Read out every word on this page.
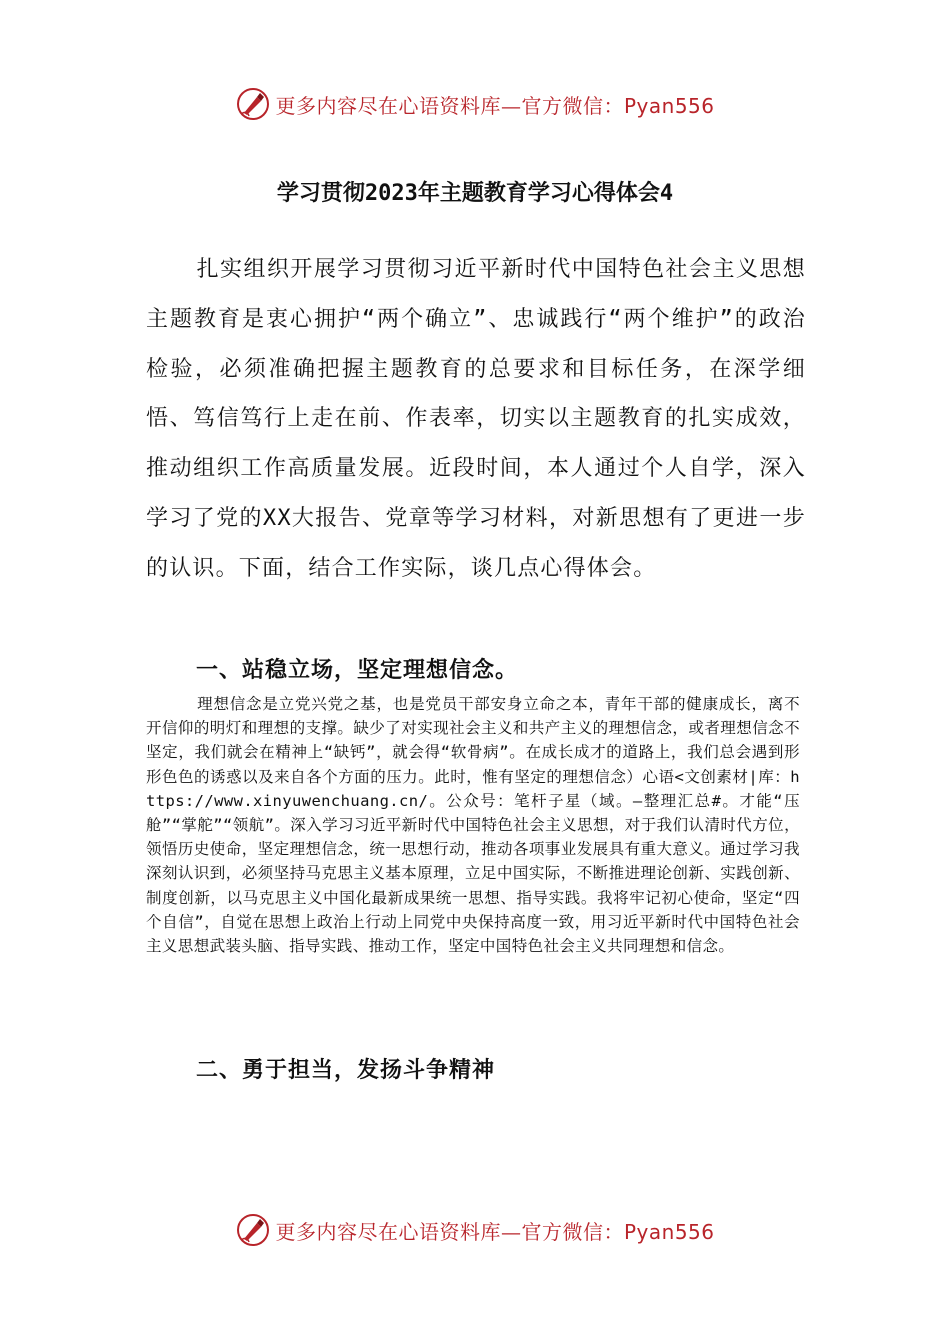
更多内容尽在心语资料库—官方微信：Pyan556
学习贯彻2023年主题教育学习心得体会4

扎实组织开展学习贯彻习近平新时代中国特色社会主义思想主题教育是衷心拥护“两个确立”、忠诚践行“两个维护”的政治检验，必须准确把握主题教育的总要求和目标任务，在深学细悟、笃信笃行上走在前、作表率，切实以主题教育的扎实成效，推动组织工作高质量发展。近段时间，本人通过个人自学，深入学习了党的XX大报告、党章等学习材料，对新思想有了更进一步的认识。下面，结合工作实际，谈几点心得体会。

一、站稳立场，坚定理想信念。

理想信念是立党兴党之基，也是党员干部安身立命之本，青年干部的健康成长，离不开信仰的明灯和理想的支撑。缺少了对实现社会主义和共产主义的理想信念，或者理想信念不坚定，我们就会在精神上“缺钙”，就会得“软骨病”。在成长成才的道路上，我们总会遇到形形色色的诱惑以及来自各个方面的压力。此时，惟有坚定的理想信念）心语<文创素材|库：https://www.xinyuwenchuang.cn/。公众号：笔杆子星（域。—整理汇总#。才能“压舱”“掌舵”“领航”。深入学习习近平新时代中国特色社会主义思想，对于我们认清时代方位，领悟历史使命，坚定理想信念，统一思想行动，推动各项事业发展具有重大意义。通过学习我深刻认识到，必须坚持马克思主义基本原理，立足中国实际，不断推进理论创新、实践创新、制度创新，以马克思主义中国化最新成果统一思想、指导实践。我将牢记初心使命，坚定“四个自信”，自觉在思想上政治上行动上同党中央保持高度一致，用习近平新时代中国特色社会主义思想武装头脑、指导实践、推动工作，坚定中国特色社会主义共同理想和信念。

二、勇于担当，发扬斗争精神
更多内容尽在心语资料库—官方微信：Pyan556
